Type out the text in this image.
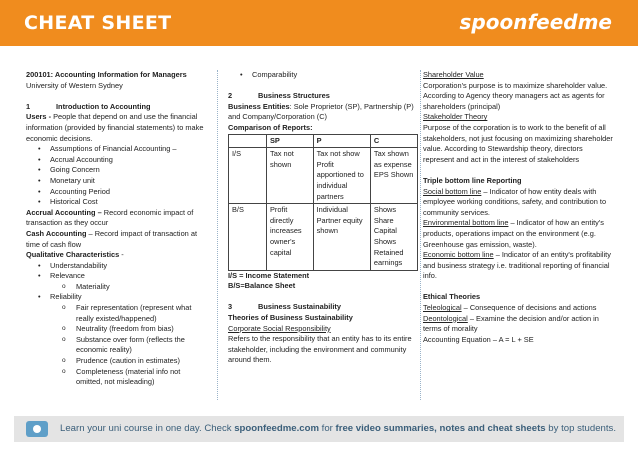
CHEAT SHEET	spoonfeedme
200101: Accounting Information for Managers
University of Western Sydney
1	Introduction to Accounting
Users - People that depend on and use the financial information (provided by financial statements) to make economic decisions.
• Assumptions of Financial Accounting –
• Accrual Accounting
• Going Concern
• Monetary unit
• Accounting Period
• Historical Cost
Accrual Accounting – Record economic impact of transaction as they occur
Cash Accounting – Record impact of transaction at time of cash flow
Qualitative Characteristics -
• Understandability
• Relevance
o Materiality
• Reliability
o Fair representation (represent what really existed/happened)
o Neutrality (freedom from bias)
o Substance over form (reflects the economic reality)
o Prudence (caution in estimates)
o Completeness (material info not omitted, not misleading)
• Comparability
2	Business Structures
Business Entities: Sole Proprietor (SP), Partnership (P) and Company/Corporation (C)
Comparison of Reports:
	SP	P	C
I/S	Tax not shown	Tax not show Profit apportioned to individual partners	Tax shown as expense EPS Shown
B/S	Profit directly increases owner's capital	Individual Partner equity shown	Shows Share Capital Shows Retained earnings
I/S = Income Statement
B/S=Balance Sheet
3	Business Sustainability
Theories of Business Sustainability
Corporate Social Responsibility
Refers to the responsibility that an entity has to its entire stakeholder, including the environment and community around them.
Shareholder Value
Corporation's purpose is to maximize shareholder value. According to Agency theory managers act as agents for shareholders (principal)
Stakeholder Theory
Purpose of the corporation is to work to the benefit of all stakeholders, not just focusing on maximizing shareholder value. According to Stewardship theory, directors represent and act in the interest of stakeholders
Triple bottom line Reporting
Social bottom line – Indicator of how entity deals with employee working conditions, safety, and contribution to community services.
Environmental bottom line – Indicator of how an entity's products, operations impact on the environment (e.g. Greenhouse gas emission, waste).
Economic bottom line – Indicator of an entity's profitability and business strategy i.e. traditional reporting of financial info.
Ethical Theories
Teleological – Consequence of decisions and actions
Deontological – Examine the decision and/or action in terms of morality
Accounting Equation – A = L + SE
Learn your uni course in one day. Check spoonfeedme.com for free video summaries, notes and cheat sheets by top students.
